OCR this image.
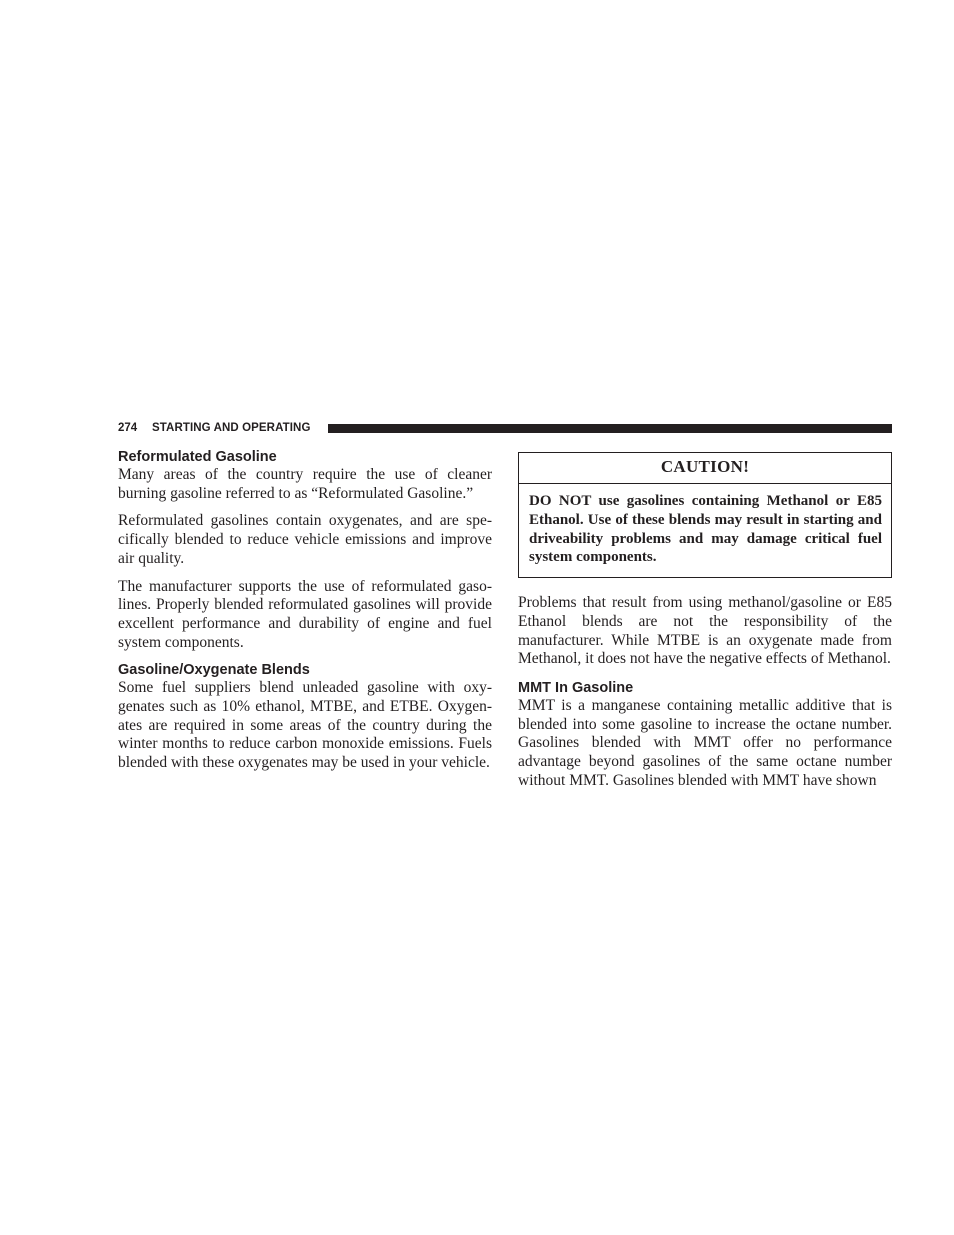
274 STARTING AND OPERATING
Reformulated Gasoline

Many areas of the country require the use of cleaner burning gasoline referred to as “Reformulated Gasoline.”

Reformulated gasolines contain oxygenates, and are specifically blended to reduce vehicle emissions and improve air quality.

The manufacturer supports the use of reformulated gasolines. Properly blended reformulated gasolines will provide excellent performance and durability of engine and fuel system components.

Gasoline/Oxygenate Blends

Some fuel suppliers blend unleaded gasoline with oxygenates such as 10% ethanol, MTBE, and ETBE. Oxygenates are required in some areas of the country during the winter months to reduce carbon monoxide emissions. Fuels blended with these oxygenates may be used in your vehicle.

CAUTION!
DO NOT use gasolines containing Methanol or E85 Ethanol. Use of these blends may result in starting and driveability problems and may damage critical fuel system components.

Problems that result from using methanol/gasoline or E85 Ethanol blends are not the responsibility of the manufacturer. While MTBE is an oxygenate made from Methanol, it does not have the negative effects of Methanol.

MMT In Gasoline

MMT is a manganese containing metallic additive that is blended into some gasoline to increase the octane number. Gasolines blended with MMT offer no performance advantage beyond gasolines of the same octane number without MMT. Gasolines blended with MMT have shown
